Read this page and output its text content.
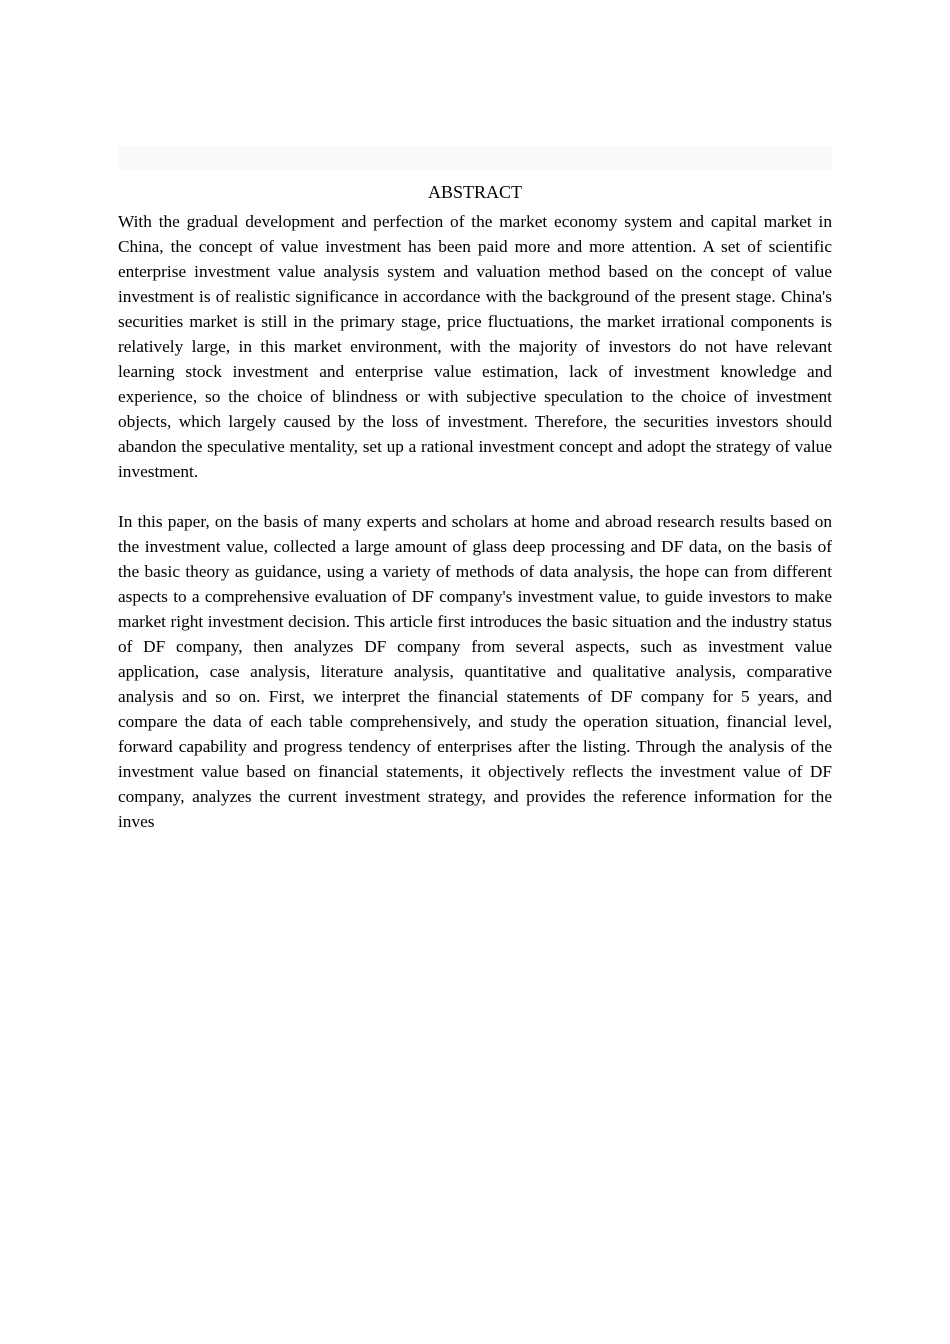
ABSTRACT

With the gradual development and perfection of the market economy system and capital market in China, the concept of value investment has been paid more and more attention. A set of scientific enterprise investment value analysis system and valuation method based on the concept of value investment is of realistic significance in accordance with the background of the present stage. China's securities market is still in the primary stage, price fluctuations, the market irrational components is relatively large, in this market environment, with the majority of investors do not have relevant learning stock investment and enterprise value estimation, lack of investment knowledge and experience, so the choice of blindness or with subjective speculation to the choice of investment objects, which largely caused by the loss of investment. Therefore, the securities investors should abandon the speculative mentality, set up a rational investment concept and adopt the strategy of value investment.

In this paper, on the basis of many experts and scholars at home and abroad research results based on the investment value, collected a large amount of glass deep processing and DF data, on the basis of the basic theory as guidance, using a variety of methods of data analysis, the hope can from different aspects to a comprehensive evaluation of DF company's investment value, to guide investors to make market right investment decision. This article first introduces the basic situation and the industry status of DF company, then analyzes DF company from several aspects, such as investment value application, case analysis, literature analysis, quantitative and qualitative analysis, comparative analysis and so on. First, we interpret the financial statements of DF company for 5 years, and compare the data of each table comprehensively, and study the operation situation, financial level, forward capability and progress tendency of enterprises after the listing. Through the analysis of the investment value based on financial statements, it objectively reflects the investment value of DF company, analyzes the current investment strategy, and provides the reference information for the inves
